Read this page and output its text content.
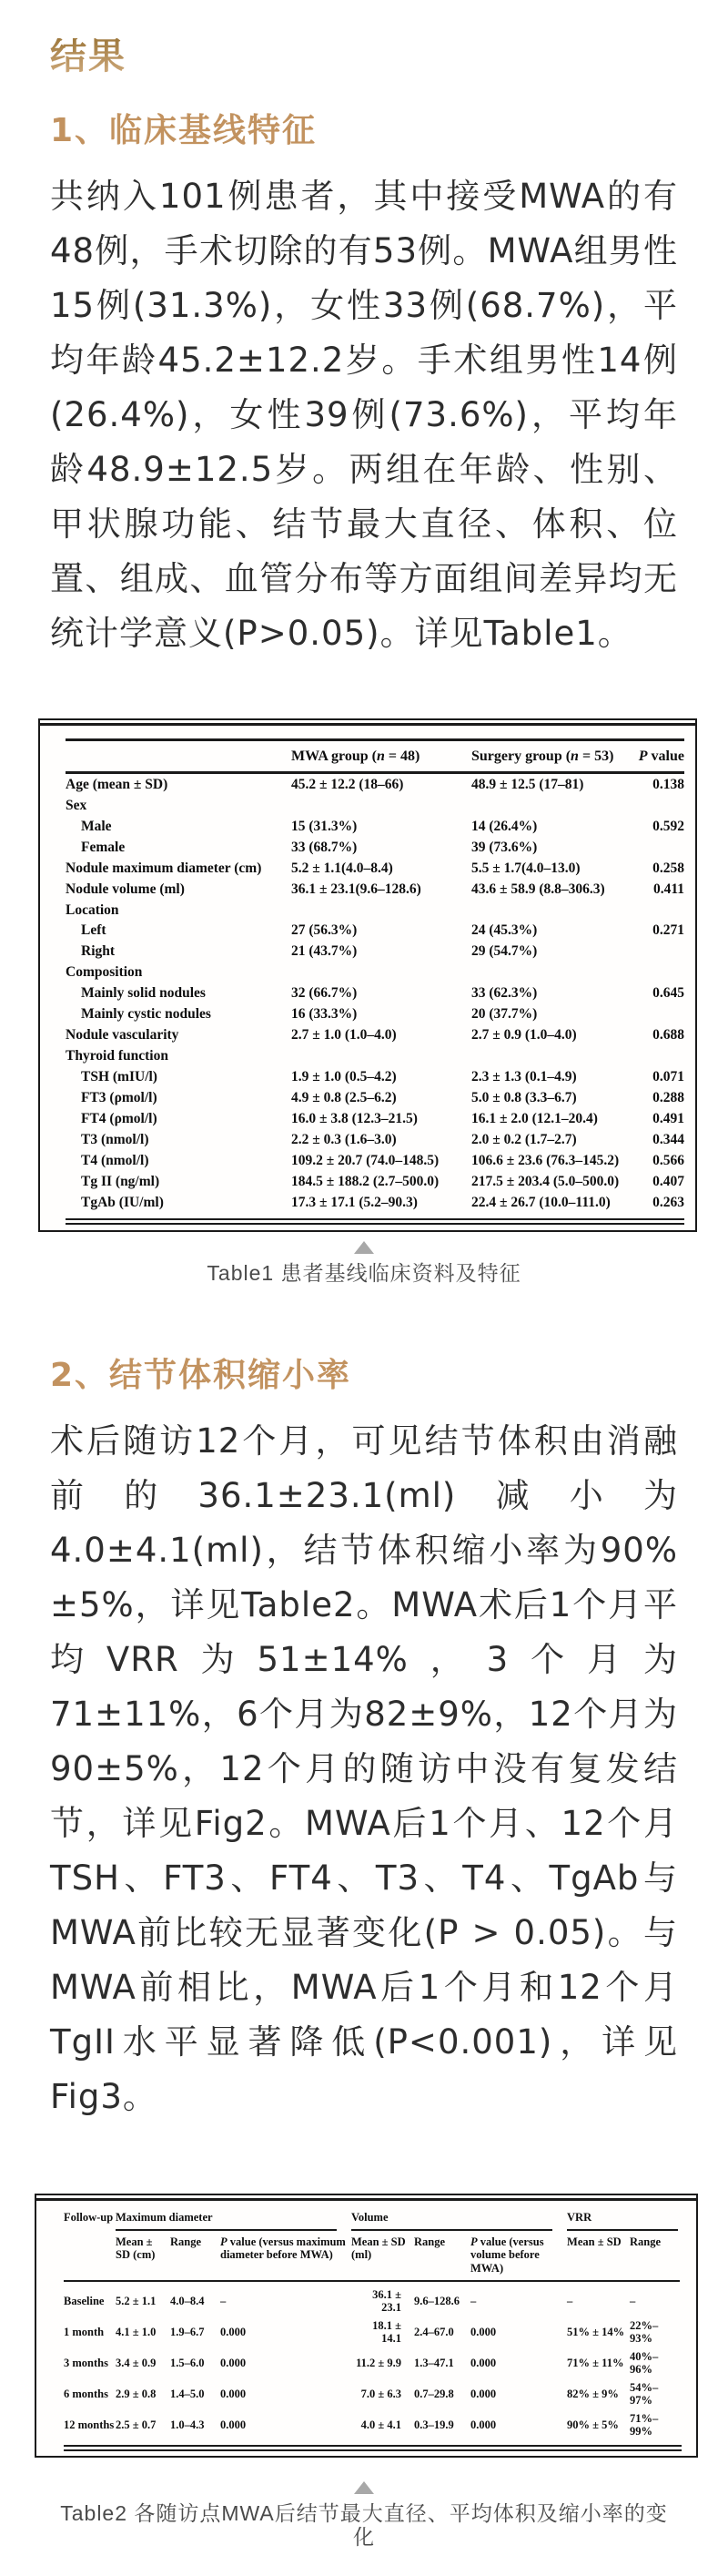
结果
1、临床基线特征

共纳入101例患者，其中接受MWA的有48例，手术切除的有53例。MWA组男性15例(31.3%)，女性33例(68.7%)，平均年龄45.2±12.2岁。手术组男性14例(26.4%)，女性39例(73.6%)，平均年龄48.9±12.5岁。两组在年龄、性别、甲状腺功能、结节最大直径、体积、位置、组成、血管分布等方面组间差异均无统计学意义(P>0.05)。详见Table1。

	MWA group (n = 48)	Surgery group (n = 53)	P value
Age (mean ± SD)	45.2 ± 12.2 (18–66)	48.9 ± 12.5 (17–81)	0.138
Sex			
Male	15 (31.3%)	14 (26.4%)	0.592
Female	33 (68.7%)	39 (73.6%)	
Nodule maximum diameter (cm)	5.2 ± 1.1(4.0–8.4)	5.5 ± 1.7(4.0–13.0)	0.258
Nodule volume (ml)	36.1 ± 23.1(9.6–128.6)	43.6 ± 58.9 (8.8–306.3)	0.411
Location			
Left	27 (56.3%)	24 (45.3%)	0.271
Right	21 (43.7%)	29 (54.7%)	
Composition			
Mainly solid nodules	32 (66.7%)	33 (62.3%)	0.645
Mainly cystic nodules	16 (33.3%)	20 (37.7%)	
Nodule vascularity	2.7 ± 1.0 (1.0–4.0)	2.7 ± 0.9 (1.0–4.0)	0.688
Thyroid function			
TSH (mIU/l)	1.9 ± 1.0 (0.5–4.2)	2.3 ± 1.3 (0.1–4.9)	0.071
FT3 (ρmol/l)	4.9 ± 0.8 (2.5–6.2)	5.0 ± 0.8 (3.3–6.7)	0.288
FT4 (ρmol/l)	16.0 ± 3.8 (12.3–21.5)	16.1 ± 2.0 (12.1–20.4)	0.491
T3 (nmol/l)	2.2 ± 0.3 (1.6–3.0)	2.0 ± 0.2 (1.7–2.7)	0.344
T4 (nmol/l)	109.2 ± 20.7 (74.0–148.5)	106.6 ± 23.6 (76.3–145.2)	0.566
Tg II (ng/ml)	184.5 ± 188.2 (2.7–500.0)	217.5 ± 203.4 (5.0–500.0)	0.407
TgAb (IU/ml)	17.3 ± 17.1 (5.2–90.3)	22.4 ± 26.7 (10.0–111.0)	0.263
Table1 患者基线临床资料及特征
2、结节体积缩小率

术后随访12个月，可见结节体积由消融前的36.1±23.1(ml)减小为4.0±4.1(ml)，结节体积缩小率为90%±5%，详见Table2。MWA术后1个月平均VRR为51±14%，3个月为71±11%，6个月为82±9%，12个月为90±5%，12个月的随访中没有复发结节，详见Fig2。MWA后1个月、12个月TSH、FT3、FT4、T3、T4、TgAb与MWA前比较无显著变化(P > 0.05)。与MWA前相比，MWA后1个月和12个月TgII水平显著降低(P<0.001)，详见Fig3。

Follow-up	Maximum diameter			Volume			VRR	

	Mean ± SD (cm)	Range	P value (versus maximum diameter before MWA)	Mean ± SD (ml)	Range	P value (versus volume before MWA)	Mean ± SD	Range
Baseline	5.2 ± 1.1	4.0–8.4	–	36.1 ± 23.1	9.6–128.6	–	–	–
1 month	4.1 ± 1.0	1.9–6.7	0.000	18.1 ± 14.1	2.4–67.0	0.000	51% ± 14%	22%–93%
3 months	3.4 ± 0.9	1.5–6.0	0.000	11.2 ± 9.9	1.3–47.1	0.000	71% ± 11%	40%–96%
6 months	2.9 ± 0.8	1.4–5.0	0.000	7.0 ± 6.3	0.7–29.8	0.000	82% ± 9%	54%–97%
12 months	2.5 ± 0.7	1.0–4.3	0.000	4.0 ± 4.1	0.3–19.9	0.000	90% ± 5%	71%–99%
Table2 各随访点MWA后结节最大直径、平均体积及缩小率的变化
